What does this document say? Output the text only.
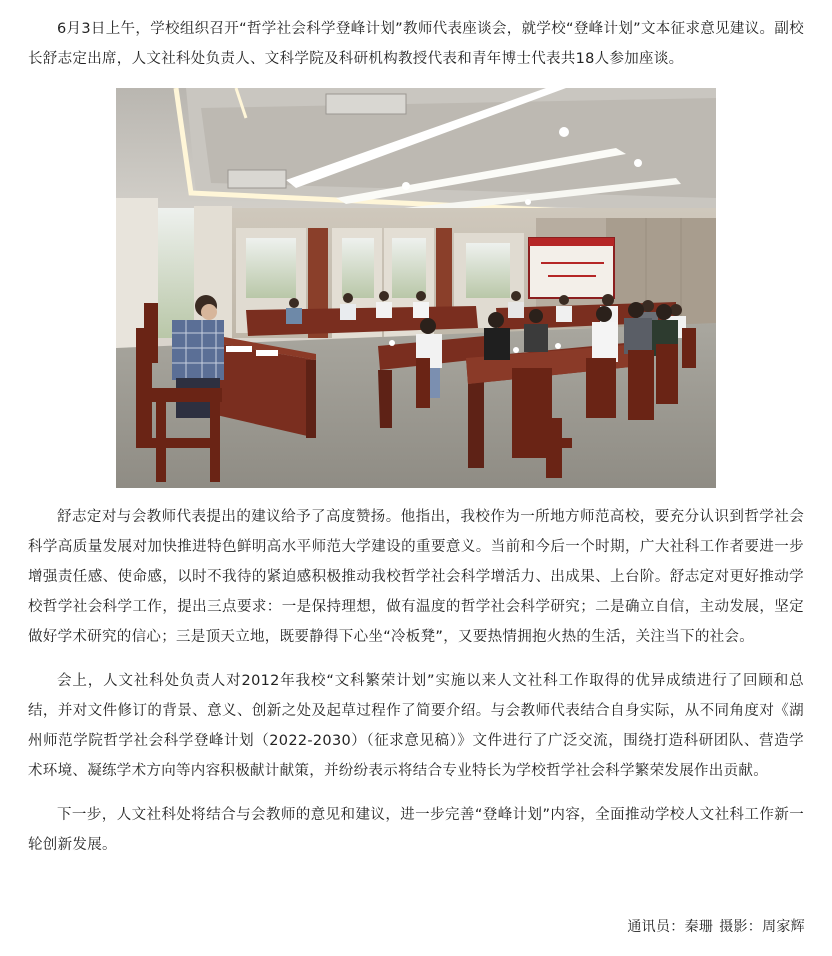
6月3日上午，学校组织召开“哲学社会科学登峰计划”教师代表座谈会，就学校“登峰计划”文本征求意见建议。副校长舒志定出席，人文社科处负责人、文科学院及科研机构教授代表和青年博士代表共18人参加座谈。

舒志定对与会教师代表提出的建议给予了高度赞扬。他指出，我校作为一所地方师范高校，要充分认识到哲学社会科学高质量发展对加快推进特色鲜明高水平师范大学建设的重要意义。当前和今后一个时期，广大社科工作者要进一步增强责任感、使命感，以时不我待的紧迫感积极推动我校哲学社会科学增活力、出成果、上台阶。舒志定对更好推动学校哲学社会科学工作，提出三点要求：一是保持理想，做有温度的哲学社会科学研究；二是确立自信，主动发展，坚定做好学术研究的信心；三是顶天立地，既要静得下心坐“冷板凳”，又要热情拥抱火热的生活，关注当下的社会。

会上，人文社科处负责人对2012年我校“文科繁荣计划”实施以来人文社科工作取得的优异成绩进行了回顾和总结，并对文件修订的背景、意义、创新之处及起草过程作了简要介绍。与会教师代表结合自身实际，从不同角度对《湖州师范学院哲学社会科学登峰计划（2022-2030）（征求意见稿）》文件进行了广泛交流，围绕打造科研团队、营造学术环境、凝练学术方向等内容积极献计献策，并纷纷表示将结合专业特长为学校哲学社会科学繁荣发展作出贡献。

下一步，人文社科处将结合与会教师的意见和建议，进一步完善“登峰计划”内容，全面推动学校人文社科工作新一轮创新发展。

通讯员：秦珊 摄影：周家辉
